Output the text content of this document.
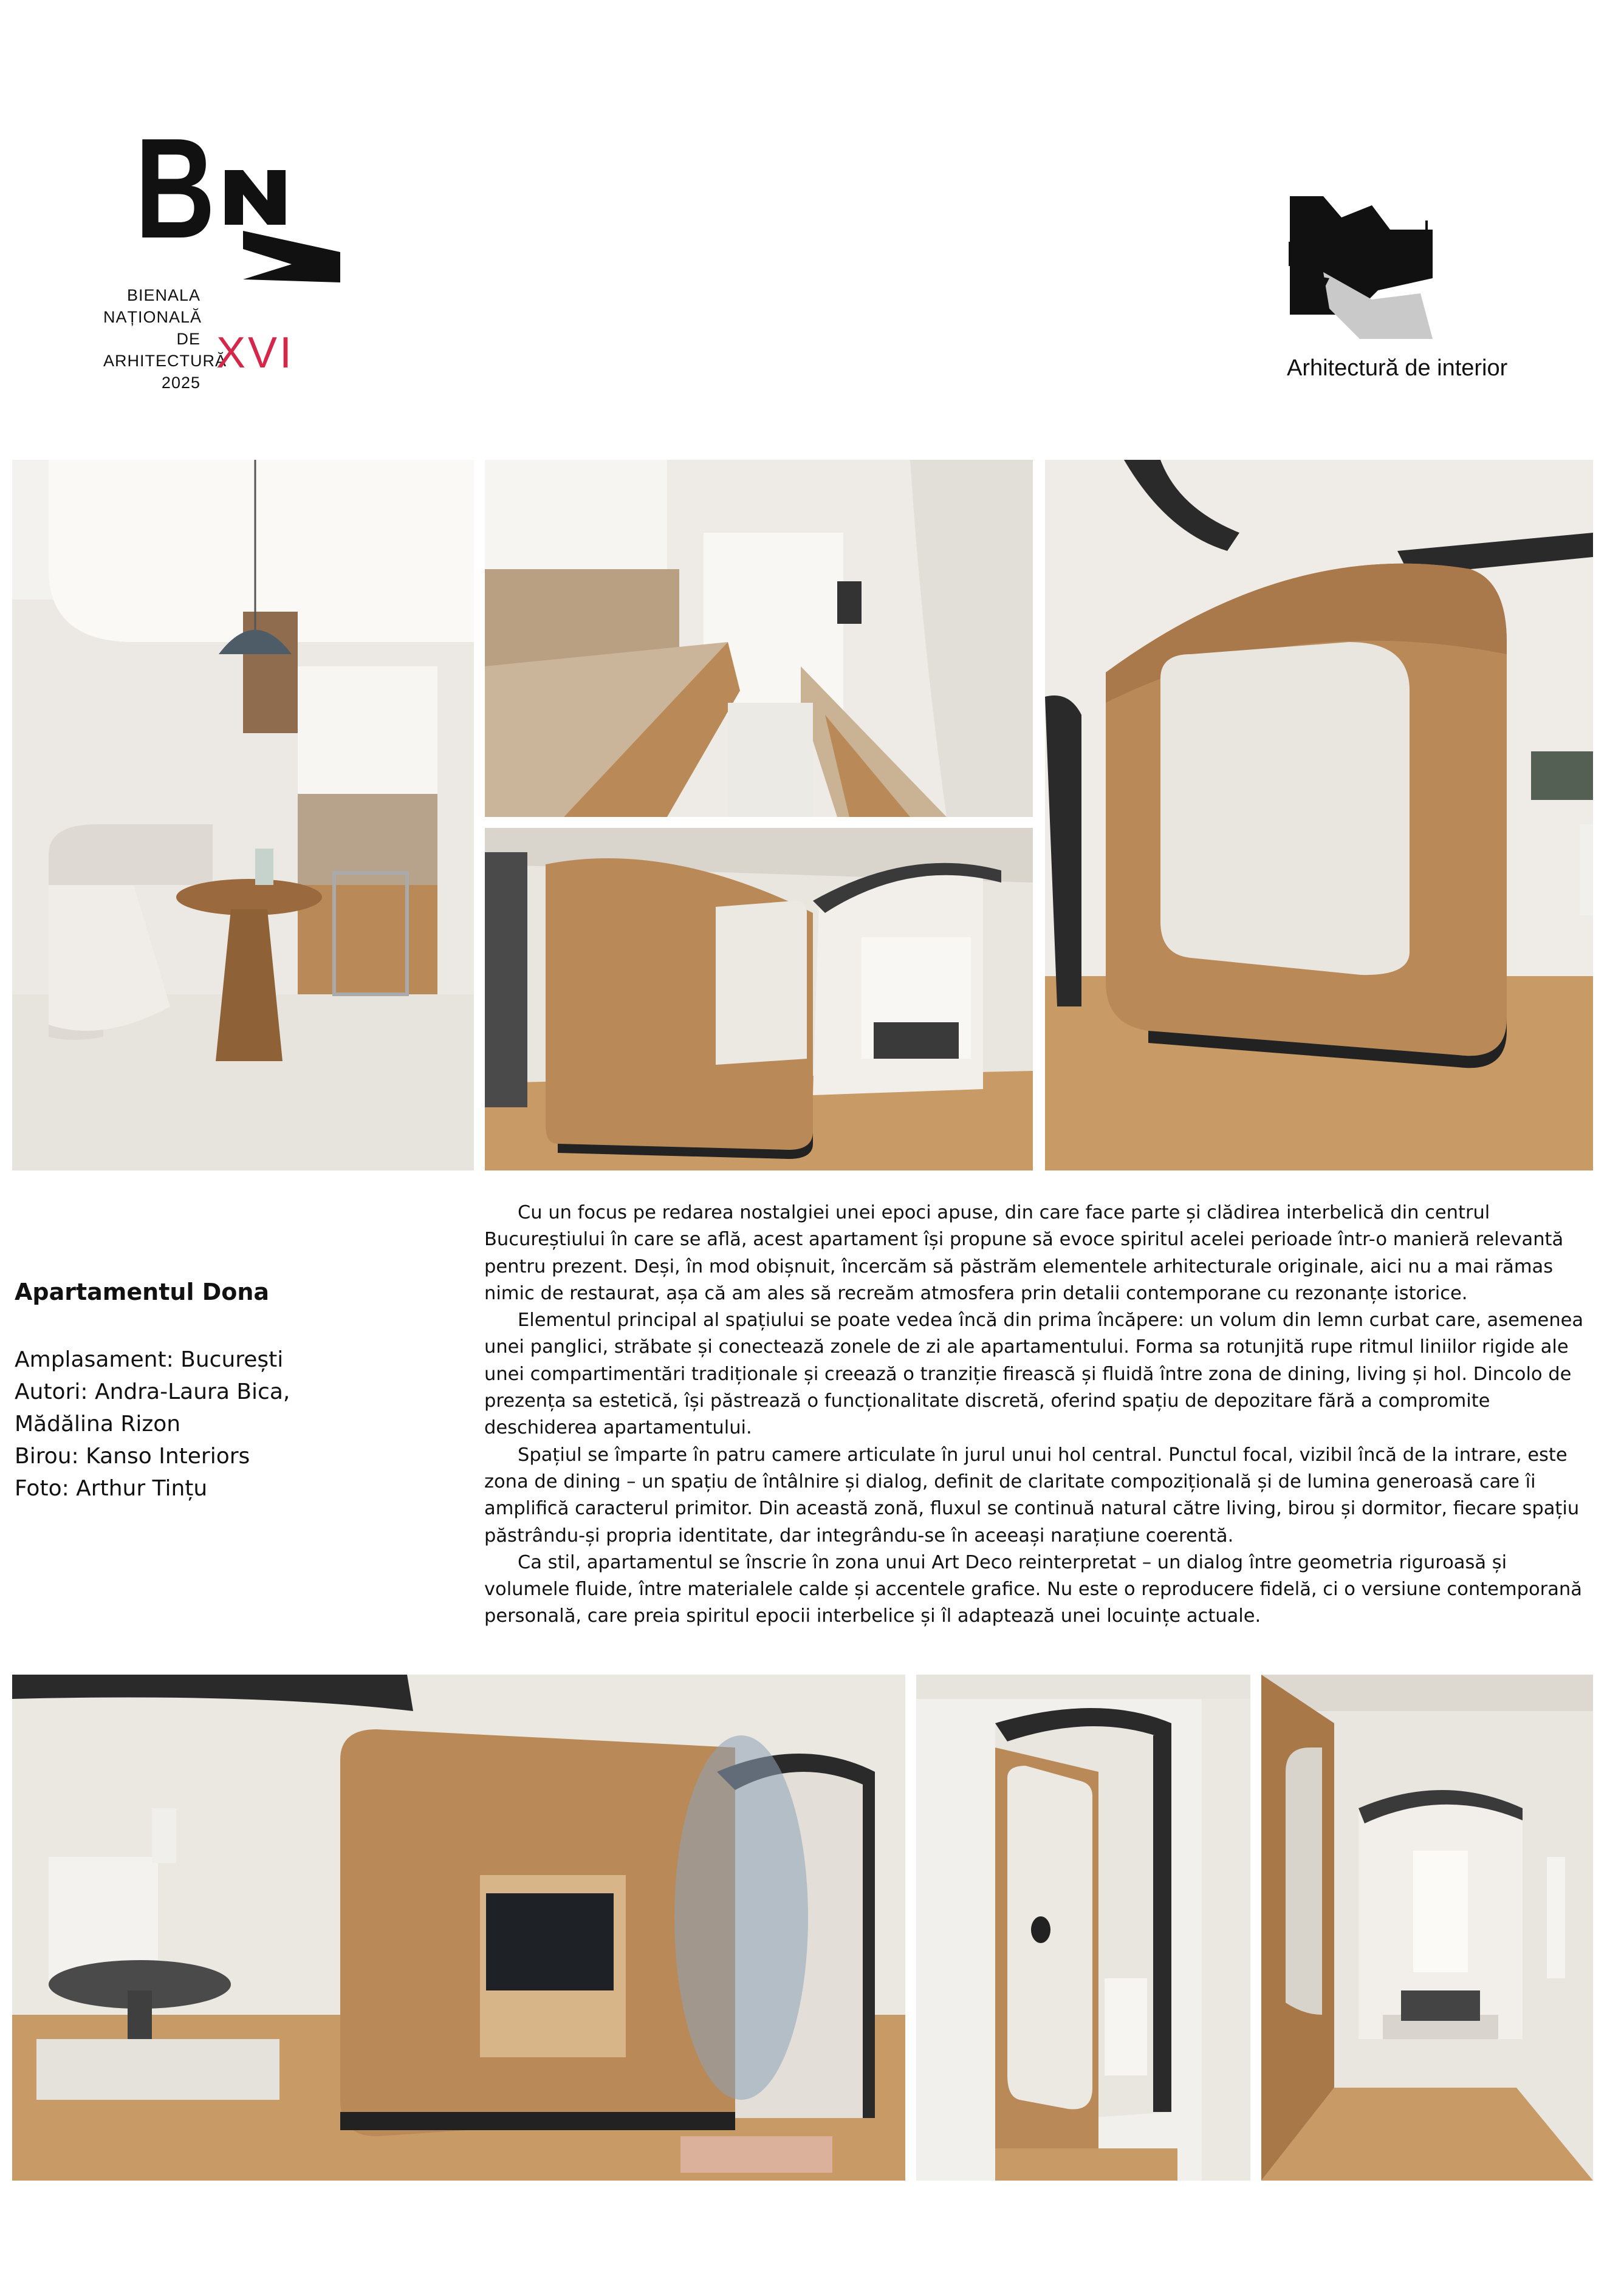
B
BIENALA
NAȚIONALĂ
DE
ARHITECTURĂ
2025
XVI	Arhitectură de interior
Apartamentul Dona
Amplasament: București
Autori: Andra-Laura Bica,
Mădălina Rizon
Birou: Kanso Interiors
Foto: Arthur Tințu

Cu un focus pe redarea nostalgiei unei epoci apuse, din care face parte și clădirea interbelică din centrul Bucureștiului în care se află, acest apartament își propune să evoce spiritul acelei perioade într-o manieră relevantă pentru prezent. Deși, în mod obișnuit, încercăm să păstrăm elementele arhitecturale originale, aici nu a mai rămas nimic de restaurat, așa că am ales să recreăm atmosfera prin detalii contemporane cu rezonanțe istorice.

Elementul principal al spațiului se poate vedea încă din prima încăpere: un volum din lemn curbat care, asemenea unei panglici, străbate și conectează zonele de zi ale apartamentului. Forma sa rotunjită rupe ritmul liniilor rigide ale unei compartimentări tradiționale și creează o tranziție firească și fluidă între zona de dining, living și hol. Dincolo de prezența sa estetică, își păstrează o funcționalitate discretă, oferind spațiu de depozitare fără a compromite deschiderea apartamentului.

Spațiul se împarte în patru camere articulate în jurul unui hol central. Punctul focal, vizibil încă de la intrare, este zona de dining – un spațiu de întâlnire și dialog, definit de claritate compozițională și de lumina generoasă care îi amplifică caracterul primitor. Din această zonă, fluxul se continuă natural către living, birou și dormitor, fiecare spațiu păstrându-și propria identitate, dar integrându-se în aceeași narațiune coerentă.

Ca stil, apartamentul se înscrie în zona unui Art Deco reinterpretat – un dialog între geometria riguroasă și volumele fluide, între materialele calde și accentele grafice. Nu este o reproducere fidelă, ci o versiune contemporană personală, care preia spiritul epocii interbelice și îl adaptează unei locuințe actuale.
